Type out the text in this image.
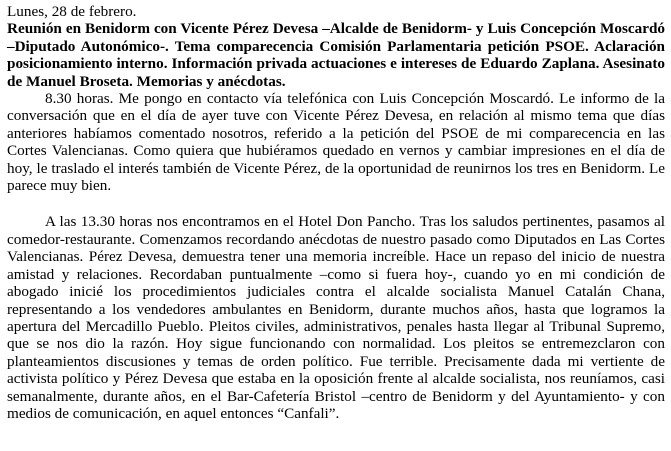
Lunes, 28 de febrero.

Reunión en Benidorm con Vicente Pérez Devesa –Alcalde de Benidorm- y Luis Concepción Moscardó –Diputado Autonómico-. Tema comparecencia Comisión Parlamentaria petición PSOE. Aclaración posicionamiento interno. Información privada actuaciones e intereses de Eduardo Zaplana. Asesinato de Manuel Broseta. Memorias y anécdotas.

8.30 horas. Me pongo en contacto vía telefónica con Luis Concepción Moscardó. Le informo de la conversación que en el día de ayer tuve con Vicente Pérez Devesa, en relación al mismo tema que días anteriores habíamos comentado nosotros, referido a la petición del PSOE de mi comparecencia en las Cortes Valencianas. Como quiera que hubiéramos quedado en vernos y cambiar impresiones en el día de hoy, le traslado el interés también de Vicente Pérez, de la oportunidad de reunirnos los tres en Benidorm. Le parece muy bien.

A las 13.30 horas nos encontramos en el Hotel Don Pancho. Tras los saludos pertinentes, pasamos al comedor-restaurante. Comenzamos recordando anécdotas de nuestro pasado como Diputados en Las Cortes Valencianas. Pérez Devesa, demuestra tener una memoria increíble. Hace un repaso del inicio de nuestra amistad y relaciones. Recordaban puntualmente –como si fuera hoy-, cuando yo en mi condición de abogado inicié los procedimientos judiciales contra el alcalde socialista Manuel Catalán Chana, representando a los vendedores ambulantes en Benidorm, durante muchos años, hasta que logramos la apertura del Mercadillo Pueblo. Pleitos civiles, administrativos, penales hasta llegar al Tribunal Supremo, que se nos dio la razón. Hoy sigue funcionando con normalidad. Los pleitos se entremezclaron con planteamientos discusiones y temas de orden político. Fue terrible. Precisamente dada mi vertiente de activista político y Pérez Devesa que estaba en la oposición frente al alcalde socialista, nos reuníamos, casi semanalmente, durante años, en el Bar-Cafetería Bristol –centro de Benidorm y del Ayuntamiento- y con medios de comunicación, en aquel entonces “Canfali”.
